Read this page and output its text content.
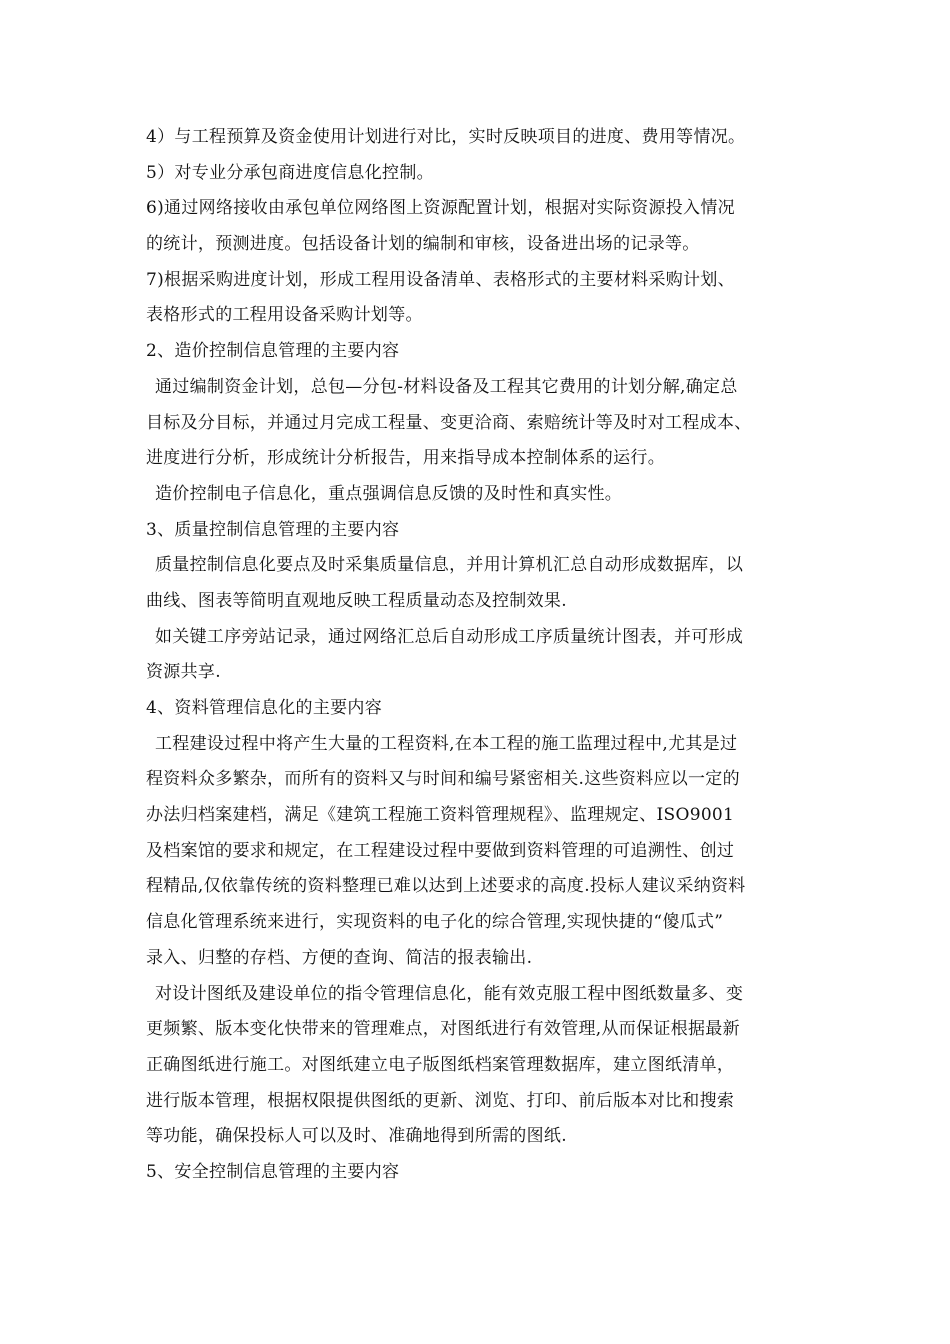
4）与工程预算及资金使用计划进行对比，实时反映项目的进度、费用等情况。
5）对专业分承包商进度信息化控制。
6)通过网络接收由承包单位网络图上资源配置计划，根据对实际资源投入情况
的统计，预测进度。包括设备计划的编制和审核，设备进出场的记录等。
7)根据采购进度计划，形成工程用设备清单、表格形式的主要材料采购计划、
表格形式的工程用设备采购计划等。
2、造价控制信息管理的主要内容
通过编制资金计划，总包—分包-材料设备及工程其它费用的计划分解,确定总
目标及分目标，并通过月完成工程量、变更洽商、索赔统计等及时对工程成本、
进度进行分析，形成统计分析报告，用来指导成本控制体系的运行。
造价控制电子信息化，重点强调信息反馈的及时性和真实性。
3、质量控制信息管理的主要内容
质量控制信息化要点及时采集质量信息，并用计算机汇总自动形成数据库，以
曲线、图表等简明直观地反映工程质量动态及控制效果.
如关键工序旁站记录，通过网络汇总后自动形成工序质量统计图表，并可形成
资源共享.
4、资料管理信息化的主要内容
工程建设过程中将产生大量的工程资料,在本工程的施工监理过程中,尤其是过
程资料众多繁杂，而所有的资料又与时间和编号紧密相关.这些资料应以一定的
办法归档案建档，满足《建筑工程施工资料管理规程》、监理规定、ISO9001
及档案馆的要求和规定，在工程建设过程中要做到资料管理的可追溯性、创过
程精品,仅依靠传统的资料整理已难以达到上述要求的高度.投标人建议采纳资料
信息化管理系统来进行，实现资料的电子化的综合管理,实现快捷的“傻瓜式”
录入、归整的存档、方便的查询、简洁的报表输出.
对设计图纸及建设单位的指令管理信息化，能有效克服工程中图纸数量多、变
更频繁、版本变化快带来的管理难点，对图纸进行有效管理,从而保证根据最新
正确图纸进行施工。对图纸建立电子版图纸档案管理数据库，建立图纸清单，
进行版本管理，根据权限提供图纸的更新、浏览、打印、前后版本对比和搜索
等功能，确保投标人可以及时、准确地得到所需的图纸.
5、安全控制信息管理的主要内容
